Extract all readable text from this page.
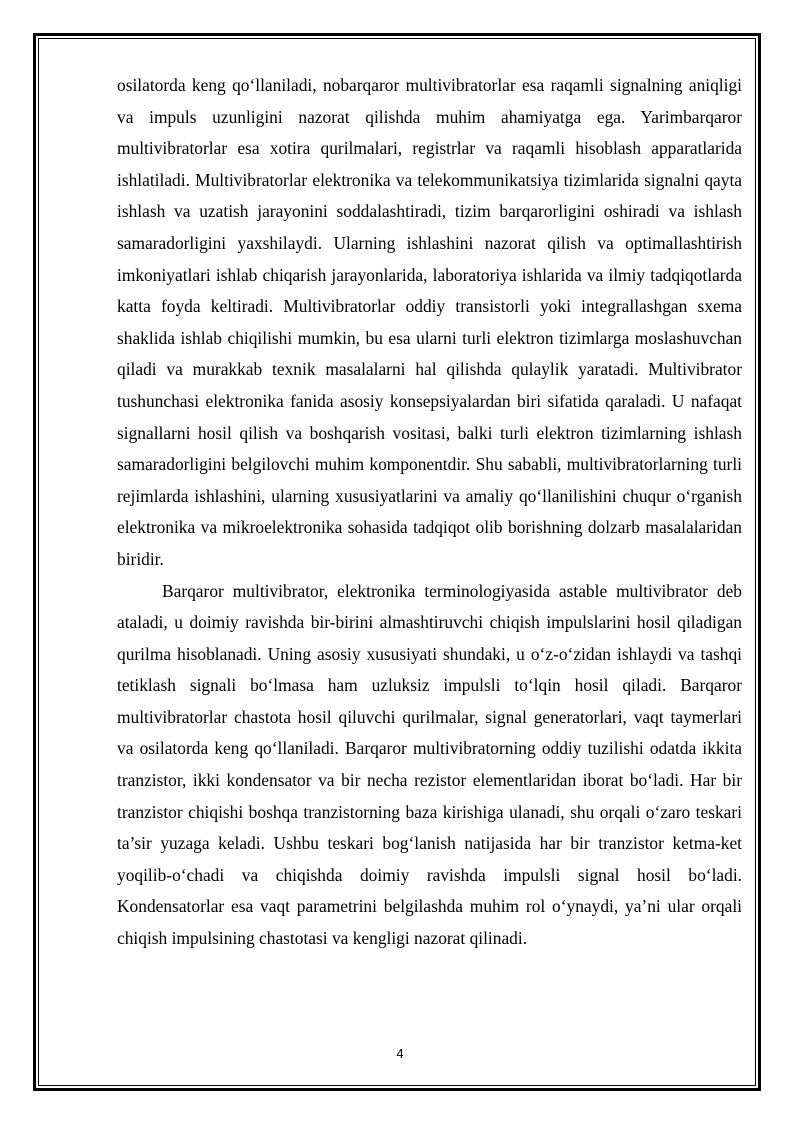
osilatorda keng qo‘llaniladi, nobarqaror multivibratorlar esa raqamli signalning aniqligi va impuls uzunligini nazorat qilishda muhim ahamiyatga ega. Yarimbarqaror multivibratorlar esa xotira qurilmalari, registrlar va raqamli hisoblash apparatlarida ishlatiladi. Multivibratorlar elektronika va telekommunikatsiya tizimlarida signalni qayta ishlash va uzatish jarayonini soddalashtiradi, tizim barqarorligini oshiradi va ishlash samaradorligini yaxshilaydi. Ularning ishlashini nazorat qilish va optimallashtirish imkoniyatlari ishlab chiqarish jarayonlarida, laboratoriya ishlarida va ilmiy tadqiqotlarda katta foyda keltiradi. Multivibratorlar oddiy transistorli yoki integrallashgan sxema shaklida ishlab chiqilishi mumkin, bu esa ularni turli elektron tizimlarga moslashuvchan qiladi va murakkab texnik masalalarni hal qilishda qulaylik yaratadi. Multivibrator tushunchasi elektronika fanida asosiy konsepsiyalardan biri sifatida qaraladi. U nafaqat signallarni hosil qilish va boshqarish vositasi, balki turli elektron tizimlarning ishlash samaradorligini belgilovchi muhim komponentdir. Shu sababli, multivibratorlarning turli rejimlarda ishlashini, ularning xususiyatlarini va amaliy qo‘llanilishini chuqur o‘rganish elektronika va mikroelektronika sohasida tadqiqot olib borishning dolzarb masalalaridan biridir.

Barqaror multivibrator, elektronika terminologiyasida astable multivibrator deb ataladi, u doimiy ravishda bir-birini almashtiruvchi chiqish impulslarini hosil qiladigan qurilma hisoblanadi. Uning asosiy xususiyati shundaki, u o‘z-o‘zidan ishlaydi va tashqi tetiklash signali bo‘lmasa ham uzluksiz impulsli to‘lqin hosil qiladi. Barqaror multivibratorlar chastota hosil qiluvchi qurilmalar, signal generatorlari, vaqt taymerlari va osilatorda keng qo‘llaniladi. Barqaror multivibratorning oddiy tuzilishi odatda ikkita tranzistor, ikki kondensator va bir necha rezistor elementlaridan iborat bo‘ladi. Har bir tranzistor chiqishi boshqa tranzistorning baza kirishiga ulanadi, shu orqali o‘zaro teskari ta’sir yuzaga keladi. Ushbu teskari bog‘lanish natijasida har bir tranzistor ketma-ket yoqilib-o‘chadi va chiqishda doimiy ravishda impulsli signal hosil bo‘ladi. Kondensatorlar esa vaqt parametrini belgilashda muhim rol o‘ynaydi, ya’ni ular orqali chiqish impulsining chastotasi va kengligi nazorat qilinadi.

4
